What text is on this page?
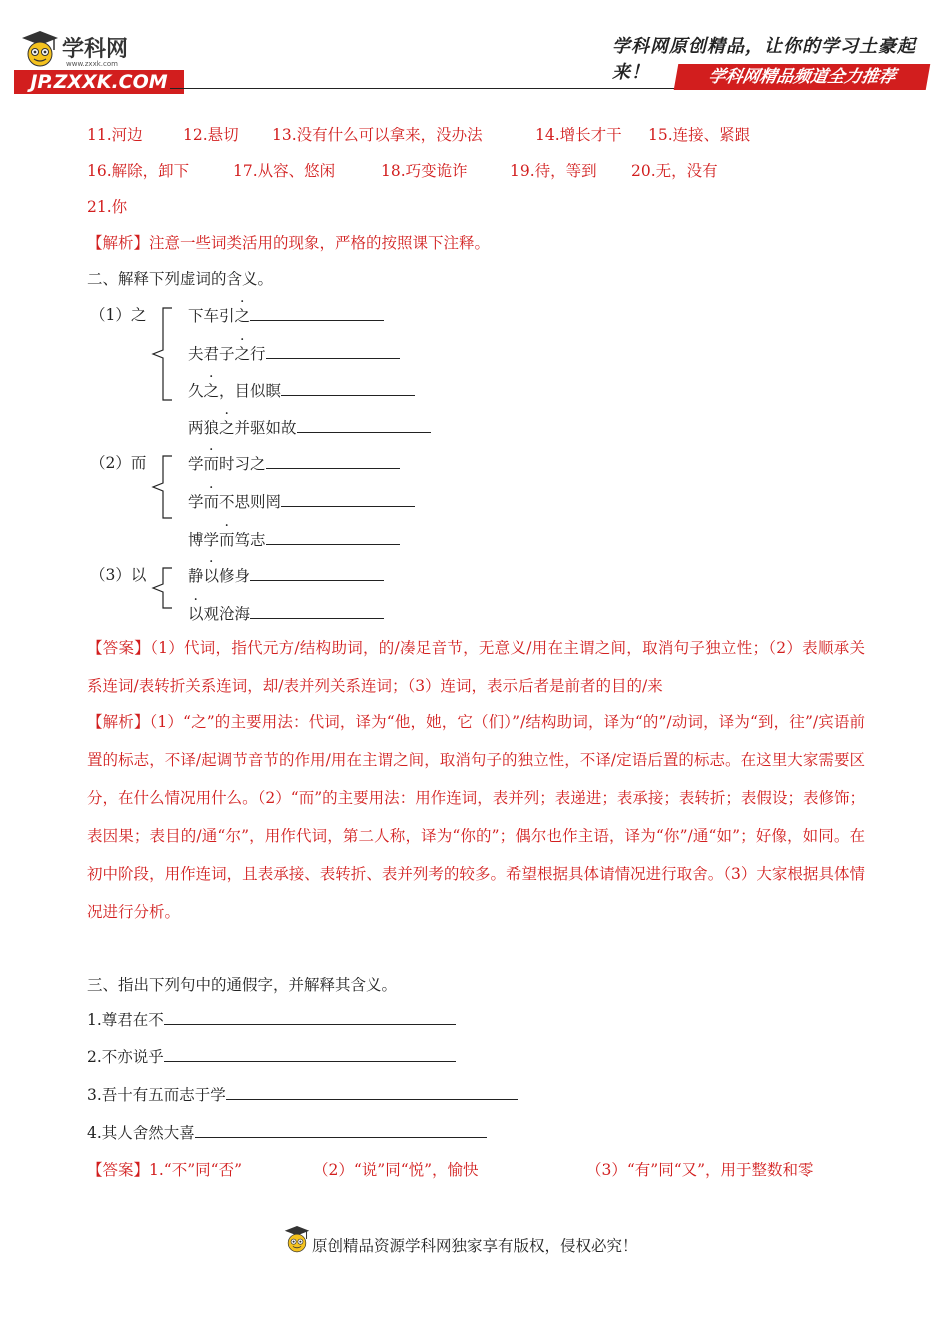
学科网
www.zxxk.com
JP.ZXXK.COM
学科网原创精品，让你的学习土豪起来！	学科网精品频道全力推荐
11.河边	12.悬切 13.没有什么可以拿来，没办法	14.增长才干 15.连接、紧跟
16.解除，卸下	17.从容、悠闲	18.巧变诡诈	19.待，等到 20.无，没有
21.你
【解析】注意一些词类活用的现象，严格的按照课下注释。
二、解释下列虚词的含义。
（1）之	下车引之
夫君子之行
久之，目似瞑
两狼之并驱如故
（2）而	学而时习之
学而不思则罔
博学而笃志
（3）以	静以修身
以观沧海
【答案】（1）代词，指代元方/结构助词，的/凑足音节，无意义/用在主谓之间，取消句子独立性；（2）表顺承关系连词/表转折关系连词，却/表并列关系连词；（3）连词，表示后者是前者的目的/来
【解析】（1）“之”的主要用法：代词，译为“他，她，它（们）”/结构助词，译为“的”/动词，译为“到，往”/宾语前置的标志，不译/起调节音节的作用/用在主谓之间，取消句子的独立性，不译/定语后置的标志。在这里大家需要区分，在什么情况用什么。（2）“而”的主要用法：用作连词，表并列；表递进；表承接；表转折；表假设；表修饰；表因果；表目的/通“尔”，用作代词，第二人称，译为“你的”；偶尔也作主语，译为“你”/通“如”；好像，如同。在初中阶段，用作连词，且表承接、表转折、表并列考的较多。希望根据具体请情况进行取舍。（3）大家根据具体情况进行分析。
三、指出下列句中的通假字，并解释其含义。
1.尊君在不
2.不亦说乎
3.吾十有五而志于学
4.其人舍然大喜
【答案】1.“不”同“否”	（2）“说”同“悦”，愉快	（3）“有”同“又”，用于整数和零
原创精品资源学科网独家享有版权，侵权必究！
